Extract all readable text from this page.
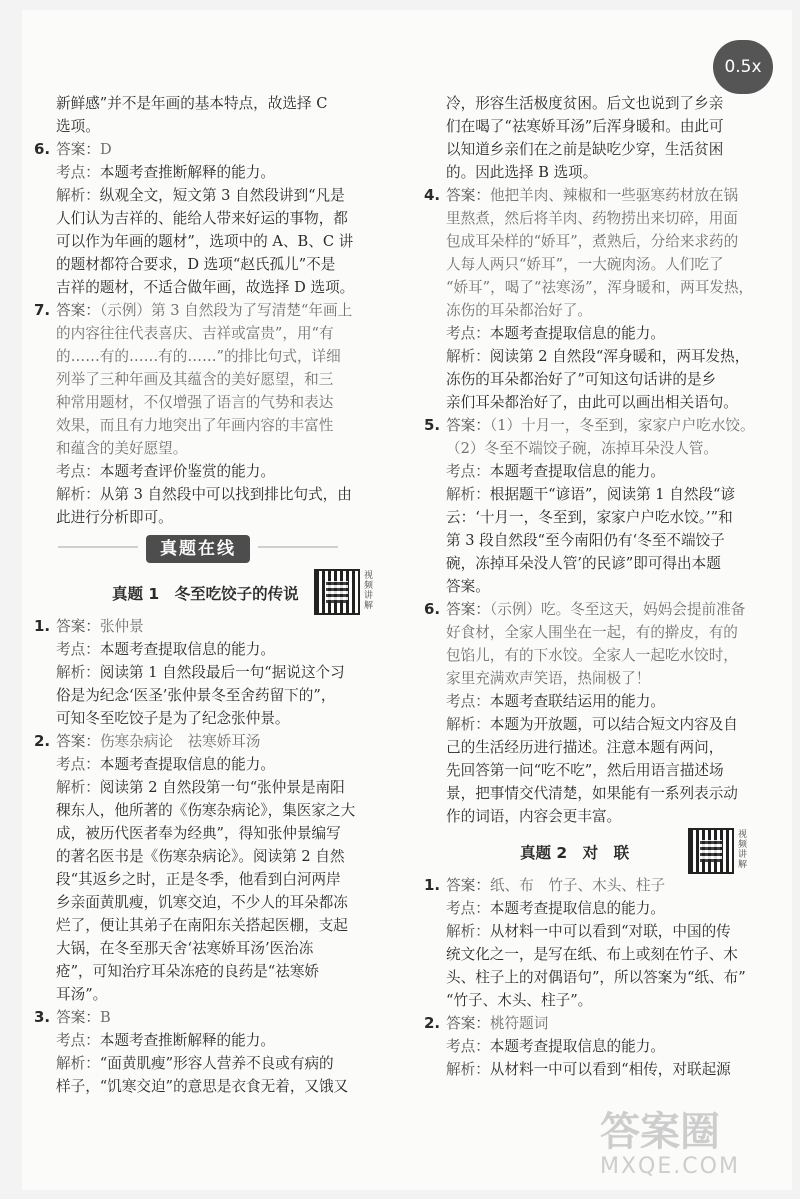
0.5x
新鲜感”并不是年画的基本特点，故选择 C
选项。
6. 答案：D
考点：本题考查推断解释的能力。
解析：纵观全文，短文第 3 自然段讲到“凡是
人们认为吉祥的、能给人带来好运的事物，都
可以作为年画的题材”，选项中的 A、B、C 讲
的题材都符合要求，D 选项“赵氏孤儿”不是
吉祥的题材，不适合做年画，故选择 D 选项。
7. 答案：（示例）第 3 自然段为了写清楚“年画上
的内容往往代表喜庆、吉祥或富贵”，用“有
的……有的……有的……”的排比句式，详细
列举了三种年画及其蕴含的美好愿望，和三
种常用题材，不仅增强了语言的气势和表达
效果，而且有力地突出了年画内容的丰富性
和蕴含的美好愿望。
考点：本题考查评价鉴赏的能力。
解析：从第 3 自然段中可以找到排比句式，由
此进行分析即可。
真题在线
真题 1　冬至吃饺子的传说
视频讲解
1. 答案：张仲景
考点：本题考查提取信息的能力。
解析：阅读第 1 自然段最后一句“据说这个习
俗是为纪念‘医圣’张仲景冬至舍药留下的”，
可知冬至吃饺子是为了纪念张仲景。
2. 答案：伤寒杂病论　祛寒娇耳汤
考点：本题考查提取信息的能力。
解析：阅读第 2 自然段第一句“张仲景是南阳
稞东人，他所著的《伤寒杂病论》，集医家之大
成，被历代医者奉为经典”，得知张仲景编写
的著名医书是《伤寒杂病论》。阅读第 2 自然
段“其返乡之时，正是冬季，他看到白河两岸
乡亲面黄肌瘦，饥寒交迫，不少人的耳朵都冻
烂了，便让其弟子在南阳东关搭起医棚，支起
大锅，在冬至那天舍‘祛寒娇耳汤’医治冻
疮”，可知治疗耳朵冻疮的良药是“祛寒娇
耳汤”。
3. 答案：B
考点：本题考查推断解释的能力。
解析：“面黄肌瘦”形容人营养不良或有病的
样子，“饥寒交迫”的意思是衣食无着，又饿又
冷，形容生活极度贫困。后文也说到了乡亲
们在喝了“祛寒娇耳汤”后浑身暖和。由此可
以知道乡亲们在之前是缺吃少穿，生活贫困
的。因此选择 B 选项。
4. 答案：他把羊肉、辣椒和一些驱寒药材放在锅
里熬煮，然后将羊肉、药物捞出来切碎，用面
包成耳朵样的“娇耳”，煮熟后，分给来求药的
人每人两只“娇耳”，一大碗肉汤。人们吃了
“娇耳”，喝了“祛寒汤”，浑身暖和，两耳发热，
冻伤的耳朵都治好了。
考点：本题考查提取信息的能力。
解析：阅读第 2 自然段“浑身暖和，两耳发热，
冻伤的耳朵都治好了”可知这句话讲的是乡
亲们耳朵都治好了，由此可以画出相关语句。
5. 答案：（1）十月一，冬至到，家家户户吃水饺。
（2）冬至不端饺子碗，冻掉耳朵没人管。
考点：本题考查提取信息的能力。
解析：根据题干“谚语”，阅读第 1 自然段“谚
云：‘十月一，冬至到，家家户户吃水饺。’”和
第 3 段自然段“至今南阳仍有‘冬至不端饺子
碗，冻掉耳朵没人管’的民谚”即可得出本题
答案。
6. 答案：（示例）吃。冬至这天，妈妈会提前准备
好食材，全家人围坐在一起，有的擀皮，有的
包馅儿，有的下水饺。全家人一起吃水饺时，
家里充满欢声笑语，热闹极了！
考点：本题考查联结运用的能力。
解析：本题为开放题，可以结合短文内容及自
己的生活经历进行描述。注意本题有两问，
先回答第一问“吃不吃”，然后用语言描述场
景，把事情交代清楚，如果能有一系列表示动
作的词语，内容会更丰富。
真题 2　对　联
视频讲解
1. 答案：纸、布　竹子、木头、柱子
考点：本题考查提取信息的能力。
解析：从材料一中可以看到“对联，中国的传
统文化之一，是写在纸、布上或刻在竹子、木
头、柱子上的对偶语句”，所以答案为“纸、布”
“竹子、木头、柱子”。
2. 答案：桃符题词
考点：本题考查提取信息的能力。
解析：从材料一中可以看到“相传，对联起源
答案圈
MXQE.COM
